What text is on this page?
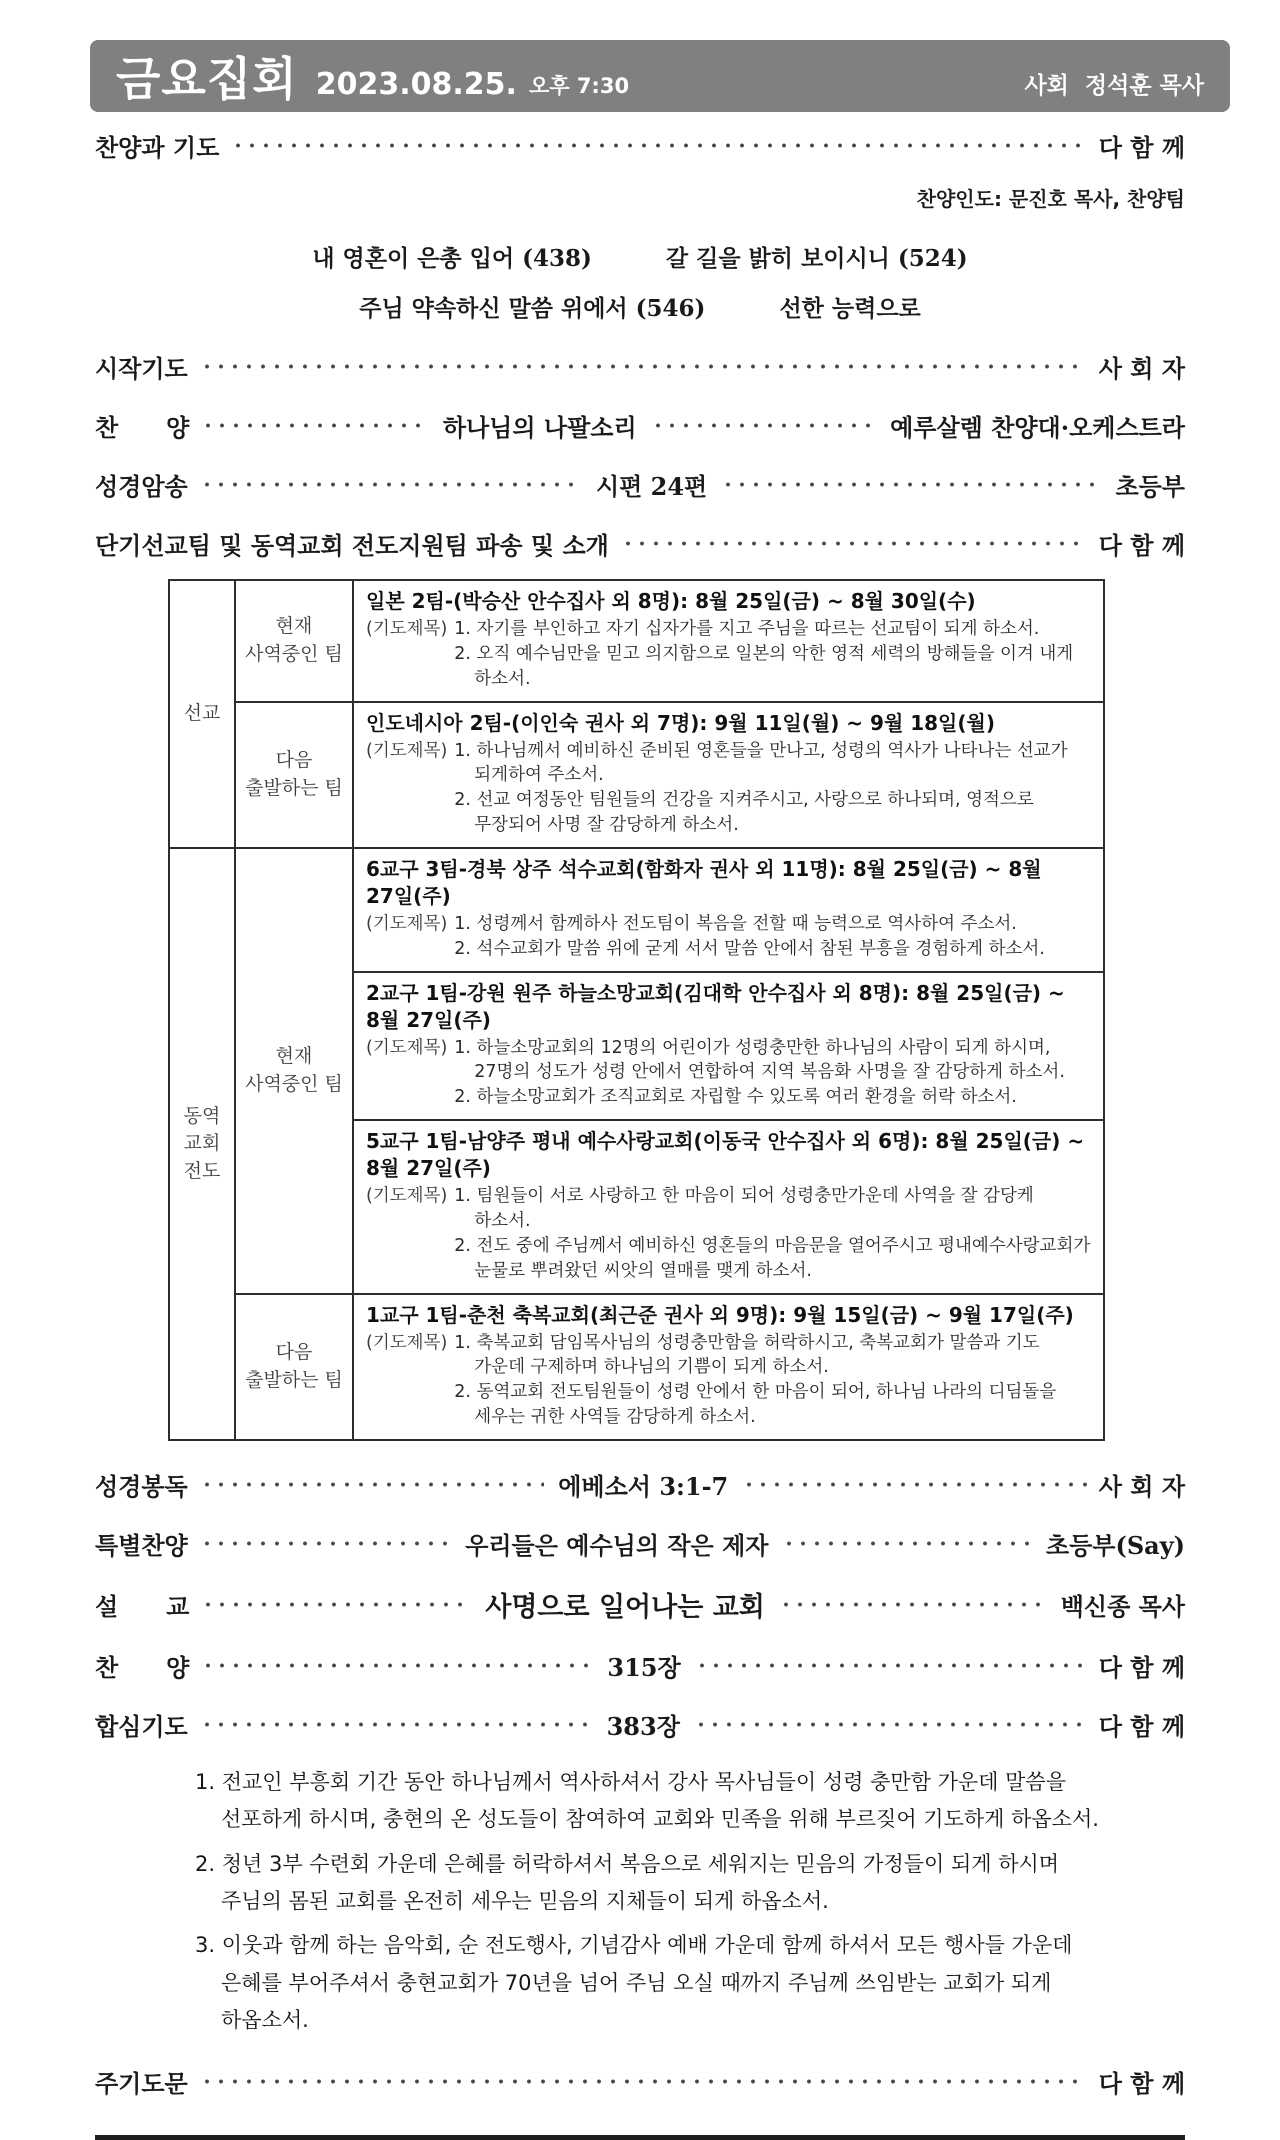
금요집회 2023.08.25. 오후 7:30	사회  정석훈 목사
찬양과 기도	다 함 께
찬양인도: 문진호 목사, 찬양팀
내 영혼이 은총 입어 (438)	갈 길을 밝히 보이시니 (524)
주님 약속하신 말씀 위에서 (546)	선한 능력으로
시작기도	사 회 자
찬　　양	하나님의 나팔소리	예루살렘 찬양대·오케스트라
성경암송	시편 24편	초등부
단기선교팀 및 동역교회 전도지원팀 파송 및 소개	다 함 께
선교	현재 사역중인 팀	일본 2팀-(박승산 안수집사 외 8명): 8월 25일(금) ~ 8월 30일(수)
(기도제목) 1. 자기를 부인하고 자기 십자가를 지고 주님을 따르는 선교팀이 되게 하소서.
2. 오직 예수님만을 믿고 의지함으로 일본의 악한 영적 세력의 방해들을 이겨 내게 하소서.

	다음 출발하는 팀	인도네시아 2팀-(이인숙 권사 외 7명): 9월 11일(월) ~ 9월 18일(월)
(기도제목) 1. 하나님께서 예비하신 준비된 영혼들을 만나고, 성령의 역사가 나타나는 선교가 되게하여 주소서.
2. 선교 여정동안 팀원들의 건강을 지켜주시고, 사랑으로 하나되며, 영적으로 무장되어 사명 잘 감당하게 하소서.

동역 교회 전도	현재 사역중인 팀	6교구 3팀-경북 상주 석수교회(함화자 권사 외 11명): 8월 25일(금) ~ 8월 27일(주)
(기도제목) 1. 성령께서 함께하사 전도팀이 복음을 전할 때 능력으로 역사하여 주소서.
2. 석수교회가 말씀 위에 굳게 서서 말씀 안에서 참된 부흥을 경험하게 하소서.

		2교구 1팀-강원 원주 하늘소망교회(김대학 안수집사 외 8명): 8월 25일(금) ~ 8월 27일(주)
(기도제목) 1. 하늘소망교회의 12명의 어린이가 성령충만한 하나님의 사람이 되게 하시며, 27명의 성도가 성령 안에서 연합하여 지역 복음화 사명을 잘 감당하게 하소서.
2. 하늘소망교회가 조직교회로 자립할 수 있도록 여러 환경을 허락 하소서.

		5교구 1팀-남양주 평내 예수사랑교회(이동국 안수집사 외 6명): 8월 25일(금) ~ 8월 27일(주)
(기도제목) 1. 팀원들이 서로 사랑하고 한 마음이 되어 성령충만가운데 사역을 잘 감당케 하소서.
2. 전도 중에 주님께서 예비하신 영혼들의 마음문을 열어주시고 평내예수사랑교회가 눈물로 뿌려왔던 씨앗의 열매를 맺게 하소서.

	다음 출발하는 팀	1교구 1팀-춘천 축복교회(최근준 권사 외 9명): 9월 15일(금) ~ 9월 17일(주)
(기도제목) 1. 축복교회 담임목사님의 성령충만함을 허락하시고, 축복교회가 말씀과 기도 가운데 구제하며 하나님의 기쁨이 되게 하소서.
2. 동역교회 전도팀원들이 성령 안에서 한 마음이 되어, 하나님 나라의 디딤돌을 세우는 귀한 사역들 감당하게 하소서.
성경봉독	에베소서 3:1-7	사 회 자
특별찬양	우리들은 예수님의 작은 제자	초등부(Say)
설　　교	사명으로 일어나는 교회	백신종 목사
찬　　양	315장	다 함 께
합심기도	383장	다 함 께
1. 전교인 부흥회 기간 동안 하나님께서 역사하셔서 강사 목사님들이 성령 충만함 가운데 말씀을 선포하게 하시며, 충현의 온 성도들이 참여하여 교회와 민족을 위해 부르짖어 기도하게 하옵소서.
2. 청년 3부 수련회 가운데 은혜를 허락하셔서 복음으로 세워지는 믿음의 가정들이 되게 하시며 주님의 몸된 교회를 온전히 세우는 믿음의 지체들이 되게 하옵소서.
3. 이웃과 함께 하는 음악회, 순 전도행사, 기념감사 예배 가운데 함께 하셔서 모든 행사들 가운데 은혜를 부어주셔서 충현교회가 70년을 넘어 주님 오실 때까지 주님께 쓰임받는 교회가 되게 하옵소서.
주기도문	다 함 께
